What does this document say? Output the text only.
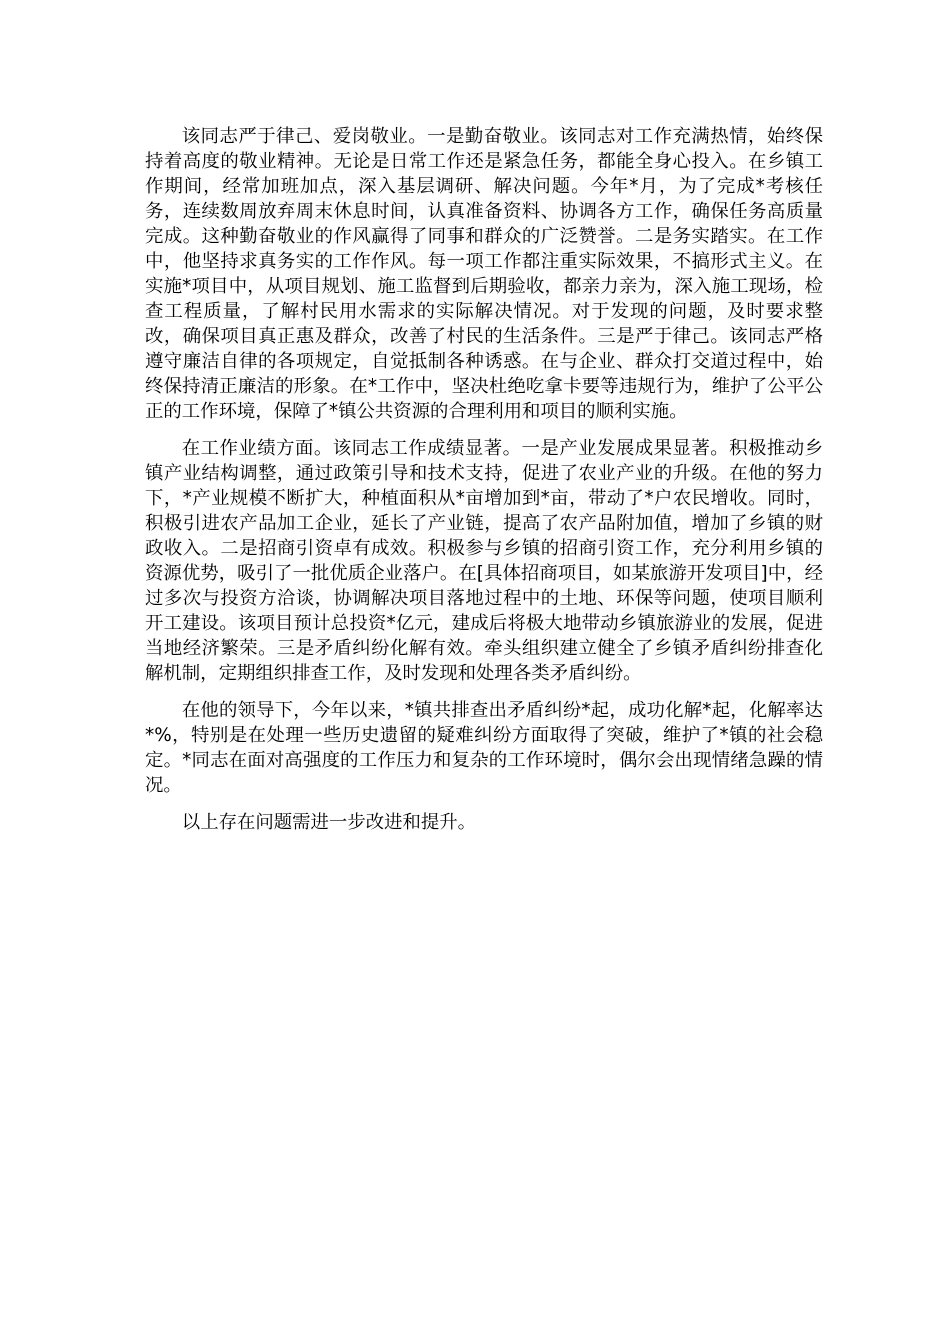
该同志严于律己、爱岗敬业。一是勤奋敬业。该同志对工作充满热情，始终保持着高度的敬业精神。无论是日常工作还是紧急任务，都能全身心投入。在乡镇工作期间，经常加班加点，深入基层调研、解决问题。今年*月，为了完成*考核任务，连续数周放弃周末休息时间，认真准备资料、协调各方工作，确保任务高质量完成。这种勤奋敬业的作风赢得了同事和群众的广泛赞誉。二是务实踏实。在工作中，他坚持求真务实的工作作风。每一项工作都注重实际效果，不搞形式主义。在实施*项目中，从项目规划、施工监督到后期验收，都亲力亲为，深入施工现场，检查工程质量，了解村民用水需求的实际解决情况。对于发现的问题，及时要求整改，确保项目真正惠及群众，改善了村民的生活条件。三是严于律己。该同志严格遵守廉洁自律的各项规定，自觉抵制各种诱惑。在与企业、群众打交道过程中，始终保持清正廉洁的形象。在*工作中，坚决杜绝吃拿卡要等违规行为，维护了公平公正的工作环境，保障了*镇公共资源的合理利用和项目的顺利实施。

在工作业绩方面。该同志工作成绩显著。一是产业发展成果显著。积极推动乡镇产业结构调整，通过政策引导和技术支持，促进了农业产业的升级。在他的努力下，*产业规模不断扩大，种植面积从*亩增加到*亩，带动了*户农民增收。同时，积极引进农产品加工企业，延长了产业链，提高了农产品附加值，增加了乡镇的财政收入。二是招商引资卓有成效。积极参与乡镇的招商引资工作，充分利用乡镇的资源优势，吸引了一批优质企业落户。在[具体招商项目，如某旅游开发项目]中，经过多次与投资方洽谈，协调解决项目落地过程中的土地、环保等问题，使项目顺利开工建设。该项目预计总投资*亿元，建成后将极大地带动乡镇旅游业的发展，促进当地经济繁荣。三是矛盾纠纷化解有效。牵头组织建立健全了乡镇矛盾纠纷排查化解机制，定期组织排查工作，及时发现和处理各类矛盾纠纷。

在他的领导下，今年以来，*镇共排查出矛盾纠纷*起，成功化解*起，化解率达*%，特别是在处理一些历史遗留的疑难纠纷方面取得了突破，维护了*镇的社会稳定。*同志在面对高强度的工作压力和复杂的工作环境时，偶尔会出现情绪急躁的情况。

以上存在问题需进一步改进和提升。
